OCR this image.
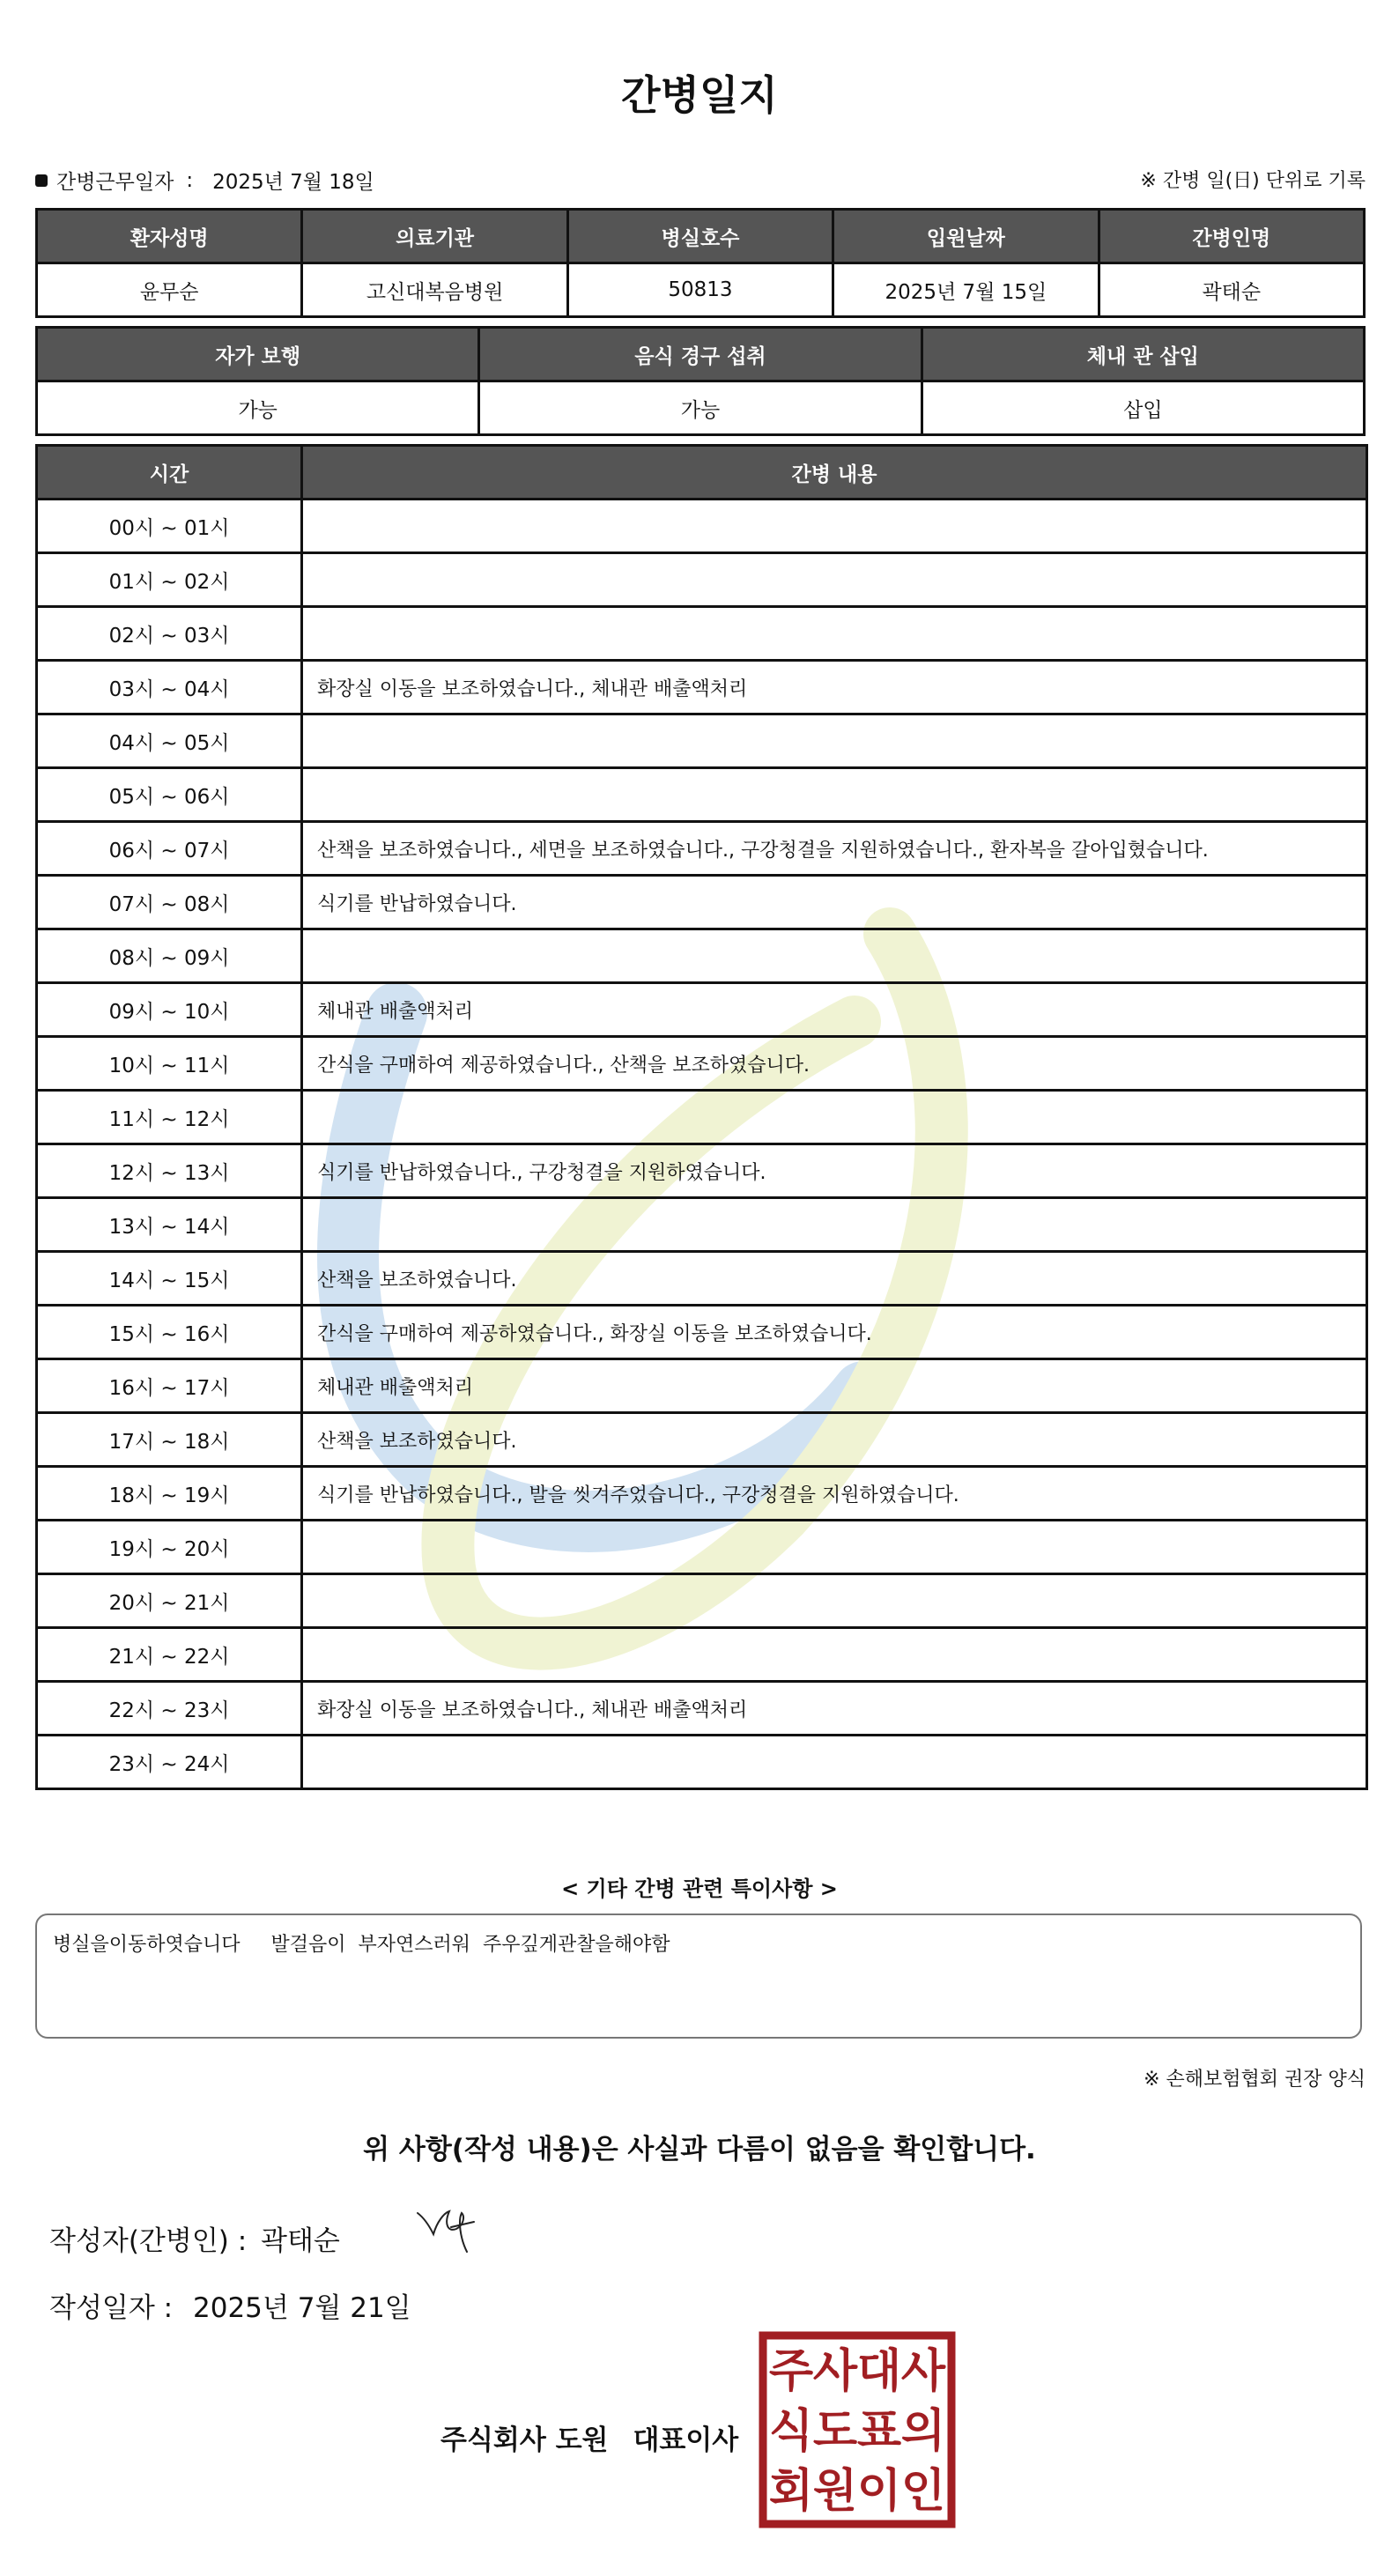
간병일지
간병근무일자 : 2025년 7월 18일	※ 간병 일(日) 단위로 기록
환자성명	의료기관	병실호수	입원날짜	간병인명
윤무순	고신대복음병원	50813	2025년 7월 15일	곽태순
자가 보행	음식 경구 섭취	체내 관 삽입
가능	가능	삽입
시간	간병 내용
00시 ~ 01시	
01시 ~ 02시	
02시 ~ 03시	
03시 ~ 04시	화장실 이동을 보조하였습니다., 체내관 배출액처리
04시 ~ 05시	
05시 ~ 06시	
06시 ~ 07시	산책을 보조하였습니다., 세면을 보조하였습니다., 구강청결을 지원하였습니다., 환자복을 갈아입혔습니다.
07시 ~ 08시	식기를 반납하였습니다.
08시 ~ 09시	
09시 ~ 10시	체내관 배출액처리
10시 ~ 11시	간식을 구매하여 제공하였습니다., 산책을 보조하였습니다.
11시 ~ 12시	
12시 ~ 13시	식기를 반납하였습니다., 구강청결을 지원하였습니다.
13시 ~ 14시	
14시 ~ 15시	산책을 보조하였습니다.
15시 ~ 16시	간식을 구매하여 제공하였습니다., 화장실 이동을 보조하였습니다.
16시 ~ 17시	체내관 배출액처리
17시 ~ 18시	산책을 보조하였습니다.
18시 ~ 19시	식기를 반납하였습니다., 발을 씻겨주었습니다., 구강청결을 지원하였습니다.
19시 ~ 20시	
20시 ~ 21시	
21시 ~ 22시	
22시 ~ 23시	화장실 이동을 보조하였습니다., 체내관 배출액처리
23시 ~ 24시	
< 기타 간병 관련 특이사항 >
병실을이동하엿습니다     발걸음이  부자연스러워  주우깊게관찰을해야함
※ 손해보험협회 권장 양식
위 사항(작성 내용)은 사실과 다름이 없음을 확인합니다.
작성자(간병인) : 곽태순
작성일자 : 2025년 7월 21일
주식회사 도원 대표이사
주
식
회
사
도
원
대
표
이
사
의
인
